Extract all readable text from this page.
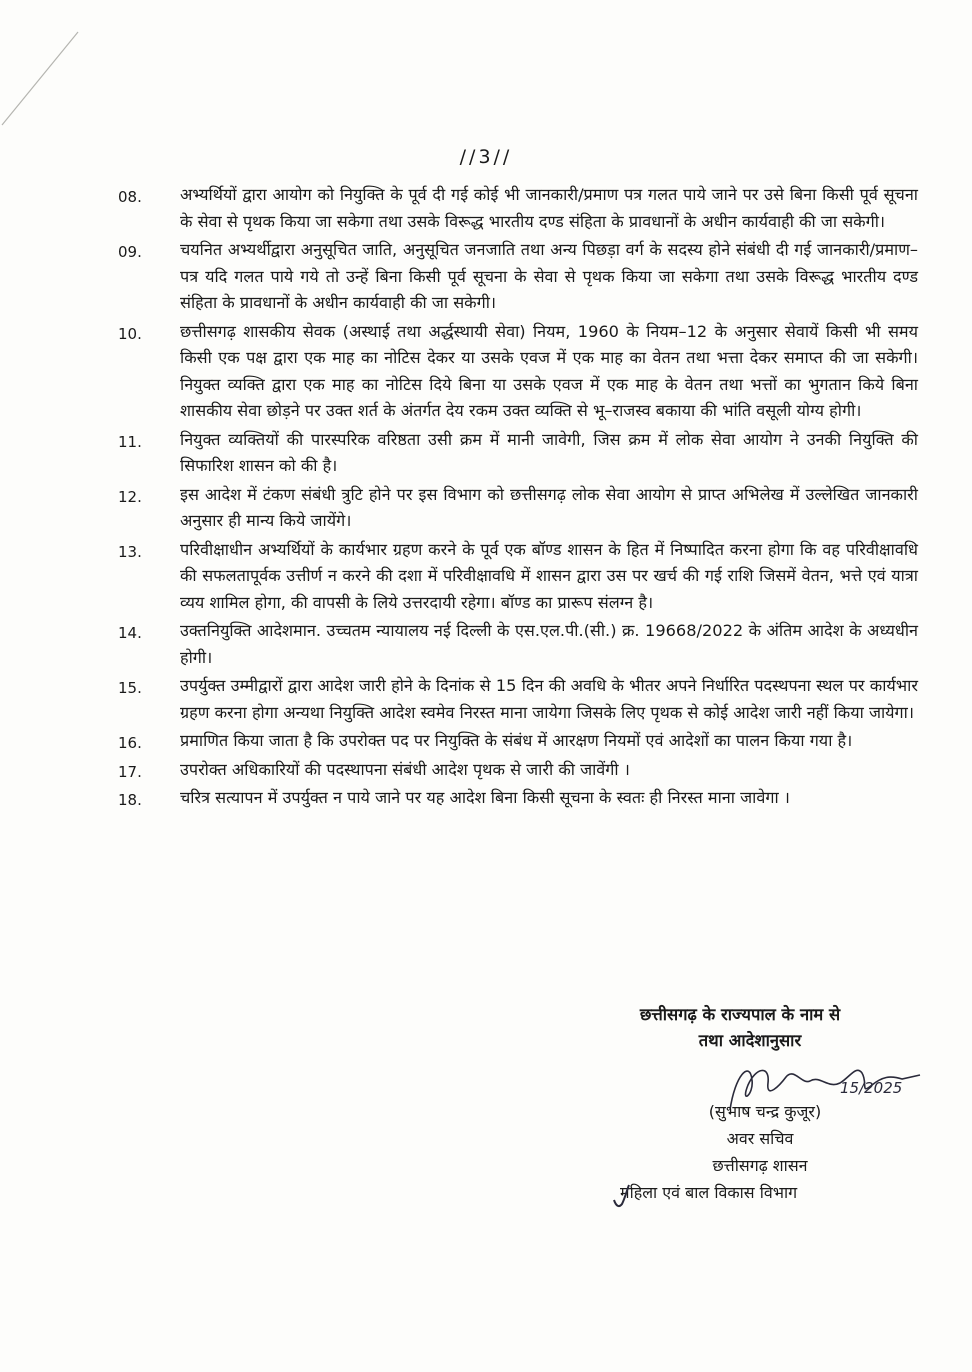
//3//
08.	अभ्यर्थियों द्वारा आयोग को नियुक्ति के पूर्व दी गई कोई भी जानकारी/प्रमाण पत्र गलत पाये जाने पर उसे बिना किसी पूर्व सूचना के सेवा से पृथक किया जा सकेगा तथा उसके विरूद्ध भारतीय दण्ड संहिता के प्रावधानों के अधीन कार्यवाही की जा सकेगी।
09.	चयनित अभ्यर्थीद्वारा अनुसूचित जाति, अनुसूचित जनजाति तथा अन्य पिछड़ा वर्ग के सदस्य होने संबंधी दी गई जानकारी/प्रमाण–पत्र यदि गलत पाये गये तो उन्हें बिना किसी पूर्व सूचना के सेवा से पृथक किया जा सकेगा तथा उसके विरूद्ध भारतीय दण्ड संहिता के प्रावधानों के अधीन कार्यवाही की जा सकेगी।
10.	छत्तीसगढ़ शासकीय सेवक (अस्थाई तथा अर्द्धस्थायी सेवा) नियम, 1960 के नियम–12 के अनुसार सेवायें किसी भी समय किसी एक पक्ष द्वारा एक माह का नोटिस देकर या उसके एवज में एक माह का वेतन तथा भत्ता देकर समाप्त की जा सकेगी। नियुक्त व्यक्ति द्वारा एक माह का नोटिस दिये बिना या उसके एवज में एक माह के वेतन तथा भत्तों का भुगतान किये बिना शासकीय सेवा छोड़ने पर उक्त शर्त के अंतर्गत देय रकम उक्त व्यक्ति से भू–राजस्व बकाया की भांति वसूली योग्य होगी।
11.	नियुक्त व्यक्तियों की पारस्परिक वरिष्ठता उसी क्रम में मानी जावेगी, जिस क्रम में लोक सेवा आयोग ने उनकी नियुक्ति की सिफारिश शासन को की है।
12.	इस आदेश में टंकण संबंधी त्रुटि होने पर इस विभाग को छत्तीसगढ़ लोक सेवा आयोग से प्राप्त अभिलेख में उल्लेखित जानकारी अनुसार ही मान्य किये जायेंगे।
13.	परिवीक्षाधीन अभ्यर्थियों के कार्यभार ग्रहण करने के पूर्व एक बॉण्ड शासन के हित में निष्पादित करना होगा कि वह परिवीक्षावधि की सफलतापूर्वक उत्तीर्ण न करने की दशा में परिवीक्षावधि में शासन द्वारा उस पर खर्च की गई राशि जिसमें वेतन, भत्ते एवं यात्रा व्यय शामिल होगा, की वापसी के लिये उत्तरदायी रहेगा। बॉण्ड का प्रारूप संलग्न है।
14.	उक्तनियुक्ति आदेशमान. उच्चतम न्यायालय नई दिल्ली के एस.एल.पी.(सी.) क्र. 19668/2022 के अंतिम आदेश के अध्यधीन होगी।
15.	उपर्युक्त उम्मीद्वारों द्वारा आदेश जारी होने के दिनांक से 15 दिन की अवधि के भीतर अपने निर्धारित पदस्थपना स्थल पर कार्यभार ग्रहण करना होगा अन्यथा नियुक्ति आदेश स्वमेव निरस्त माना जायेगा जिसके लिए पृथक से कोई आदेश जारी नहीं किया जायेगा।
16.	प्रमाणित किया जाता है कि उपरोक्त पद पर नियुक्ति के संबंध में आरक्षण नियमों एवं आदेशों का पालन किया गया है।
17.	उपरोक्त अधिकारियों की पदस्थापना संबंधी आदेश पृथक से जारी की जावेंगी ।
18.	चरित्र सत्यापन में उपर्युक्त न पाये जाने पर यह आदेश बिना किसी सूचना के स्वतः ही निरस्त माना जावेगा ।
छत्तीसगढ़ के राज्यपाल के नाम से
तथा आदेशानुसार
15/2025
(सुभाष चन्द्र कुजूर)
अवर सचिव
छत्तीसगढ़ शासन
महिला एवं बाल विकास विभाग
